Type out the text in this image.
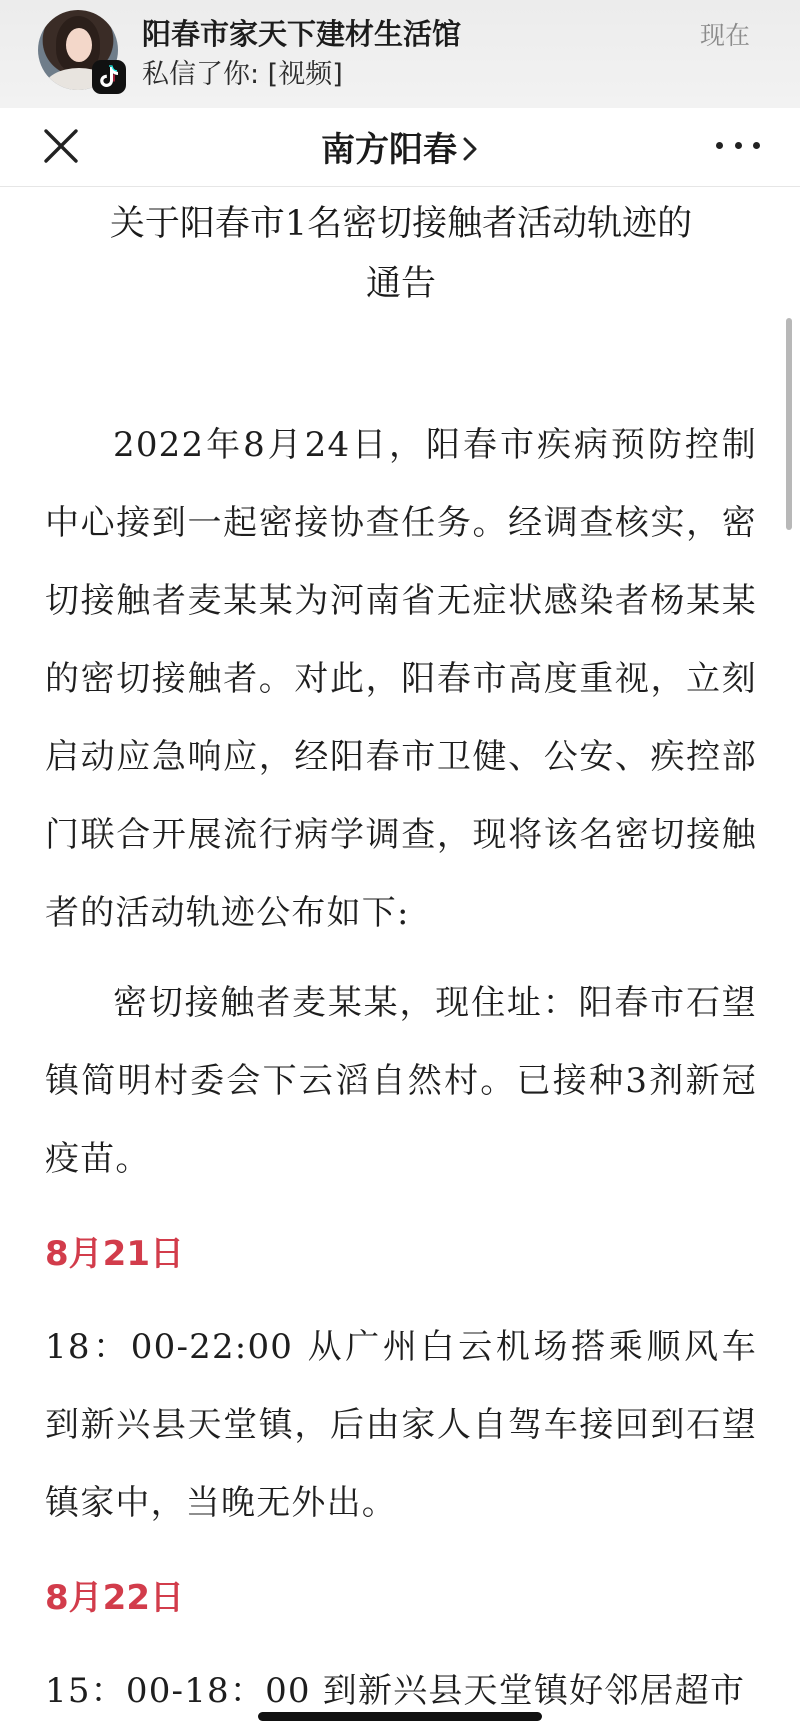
阳春市家天下建材生活馆
私信了你: [视频]
现在
南方阳春
关于阳春市1名密切接触者活动轨迹的
通告

2022年8月24日，阳春市疾病预防控制中心接到一起密接协查任务。经调查核实，密切接触者麦某某为河南省无症状感染者杨某某的密切接触者。对此，阳春市高度重视，立刻启动应急响应，经阳春市卫健、公安、疾控部门联合开展流行病学调查，现将该名密切接触者的活动轨迹公布如下:

密切接触者麦某某，现住址：阳春市石望镇简明村委会下云滔自然村。已接种3剂新冠疫苗。

8月21日

18：00-22:00 从广州白云机场搭乘顺风车到新兴县天堂镇，后由家人自驾车接回到石望镇家中，当晚无外出。

8月22日

15：00-18：00 到新兴县天堂镇好邻居超市
